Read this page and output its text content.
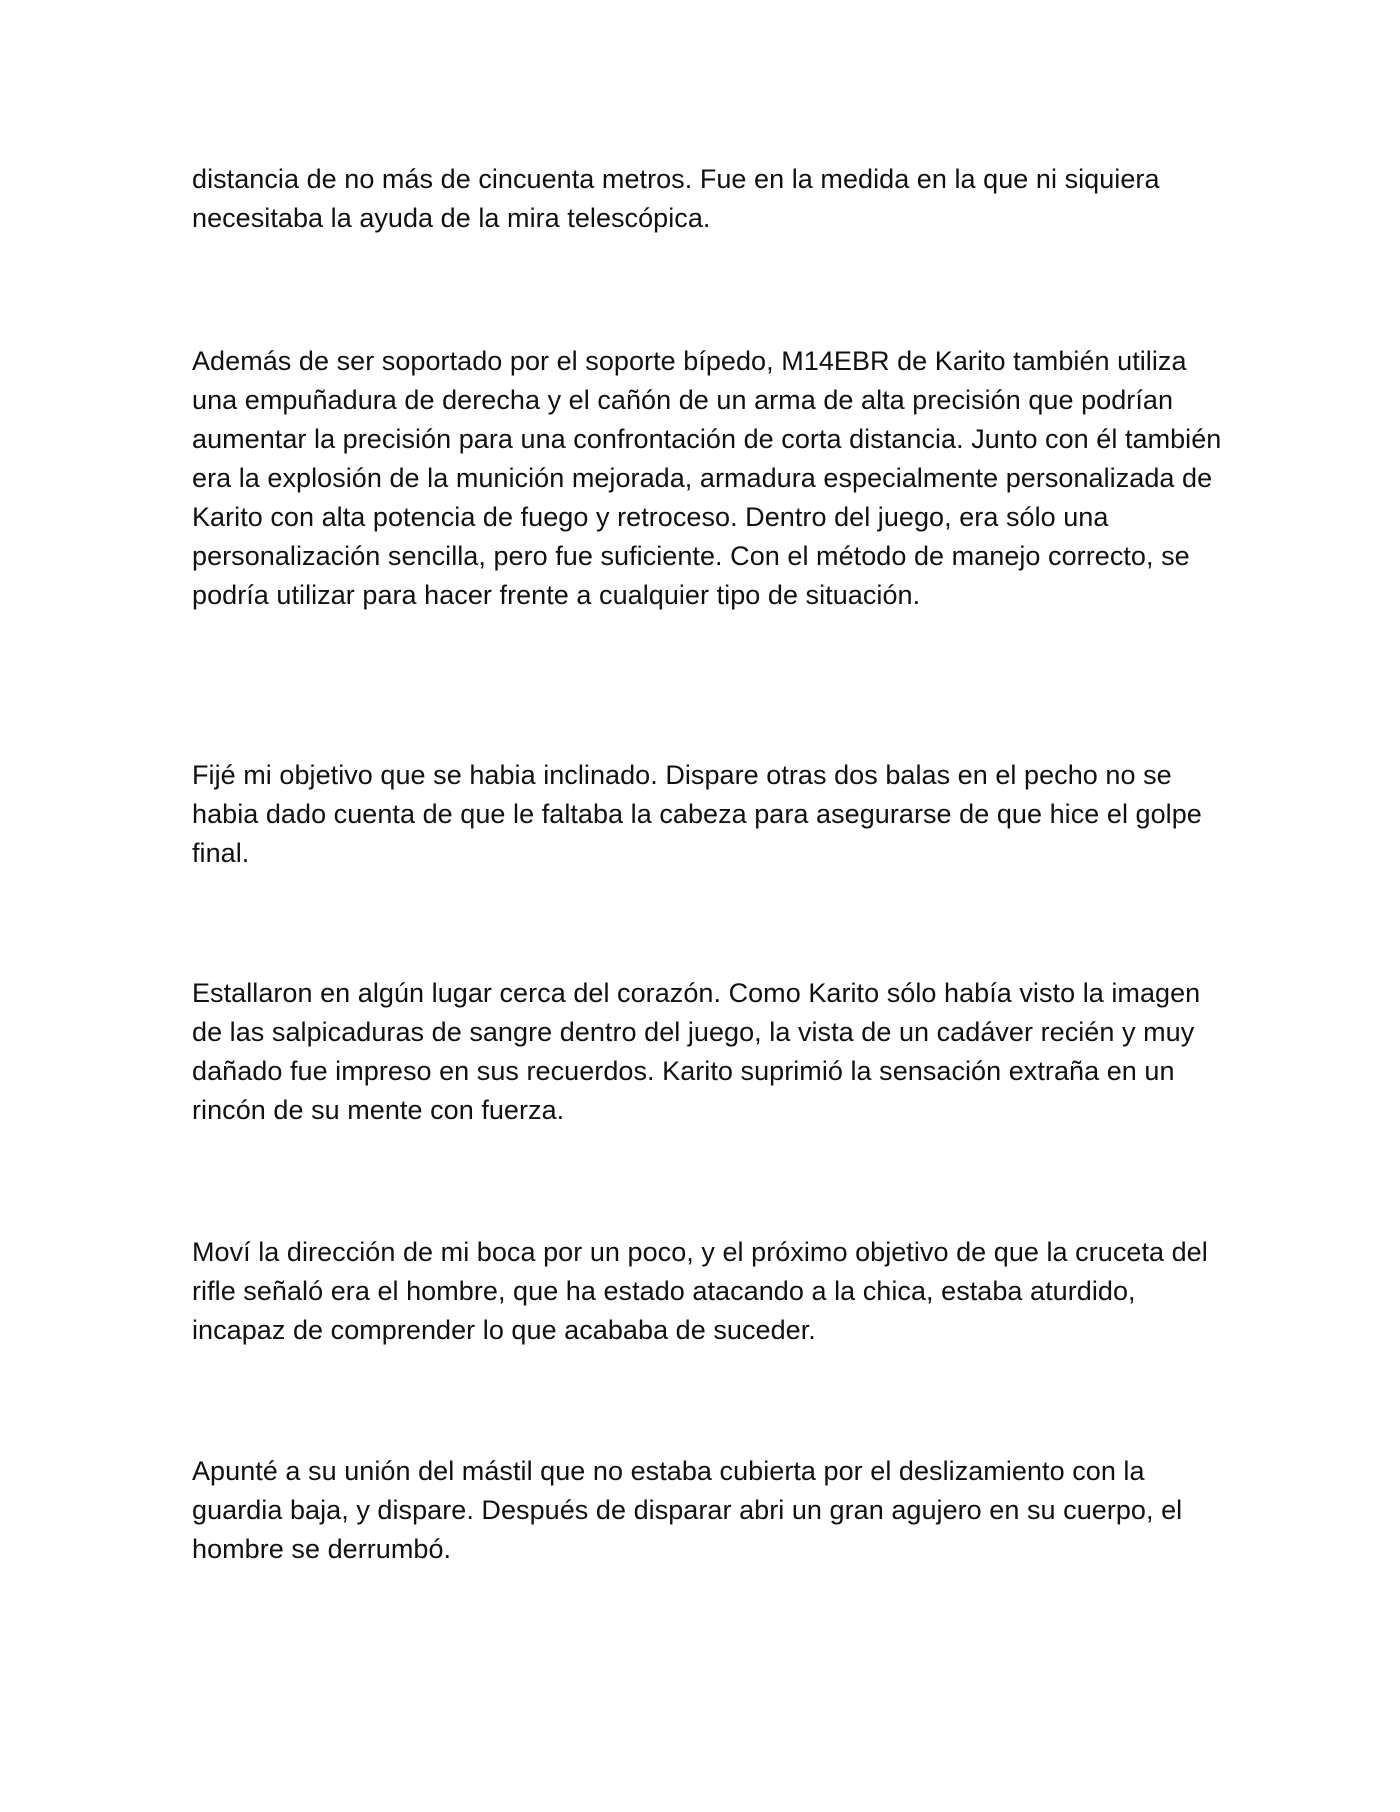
distancia de no más de cincuenta metros. Fue en la medida en la que ni siquiera necesitaba la ayuda de la mira telescópica.

Además de ser soportado por el soporte bípedo, M14EBR de Karito también utiliza una empuñadura de derecha y el cañón de un arma de alta precisión que podrían aumentar la precisión para una confrontación de corta distancia. Junto con él también era la explosión de la munición mejorada, armadura especialmente personalizada de Karito con alta potencia de fuego y retroceso. Dentro del juego, era sólo una personalización sencilla, pero fue suficiente. Con el método de manejo correcto, se podría utilizar para hacer frente a cualquier tipo de situación.

Fijé mi objetivo que se habia inclinado. Dispare otras dos balas en el pecho no se habia dado cuenta de que le faltaba la cabeza para asegurarse de que hice el golpe final.

Estallaron en algún lugar cerca del corazón. Como Karito sólo había visto la imagen de las salpicaduras de sangre dentro del juego, la vista de un cadáver recién y muy dañado fue impreso en sus recuerdos. Karito suprimió la sensación extraña en un rincón de su mente con fuerza.

Moví la dirección de mi boca por un poco, y el próximo objetivo de que la cruceta del rifle señaló era el hombre, que ha estado atacando a la chica, estaba aturdido, incapaz de comprender lo que acababa de suceder.

Apunté a su unión del mástil que no estaba cubierta por el deslizamiento con la guardia baja, y dispare. Después de disparar abri un gran agujero en su cuerpo, el hombre se derrumbó.
